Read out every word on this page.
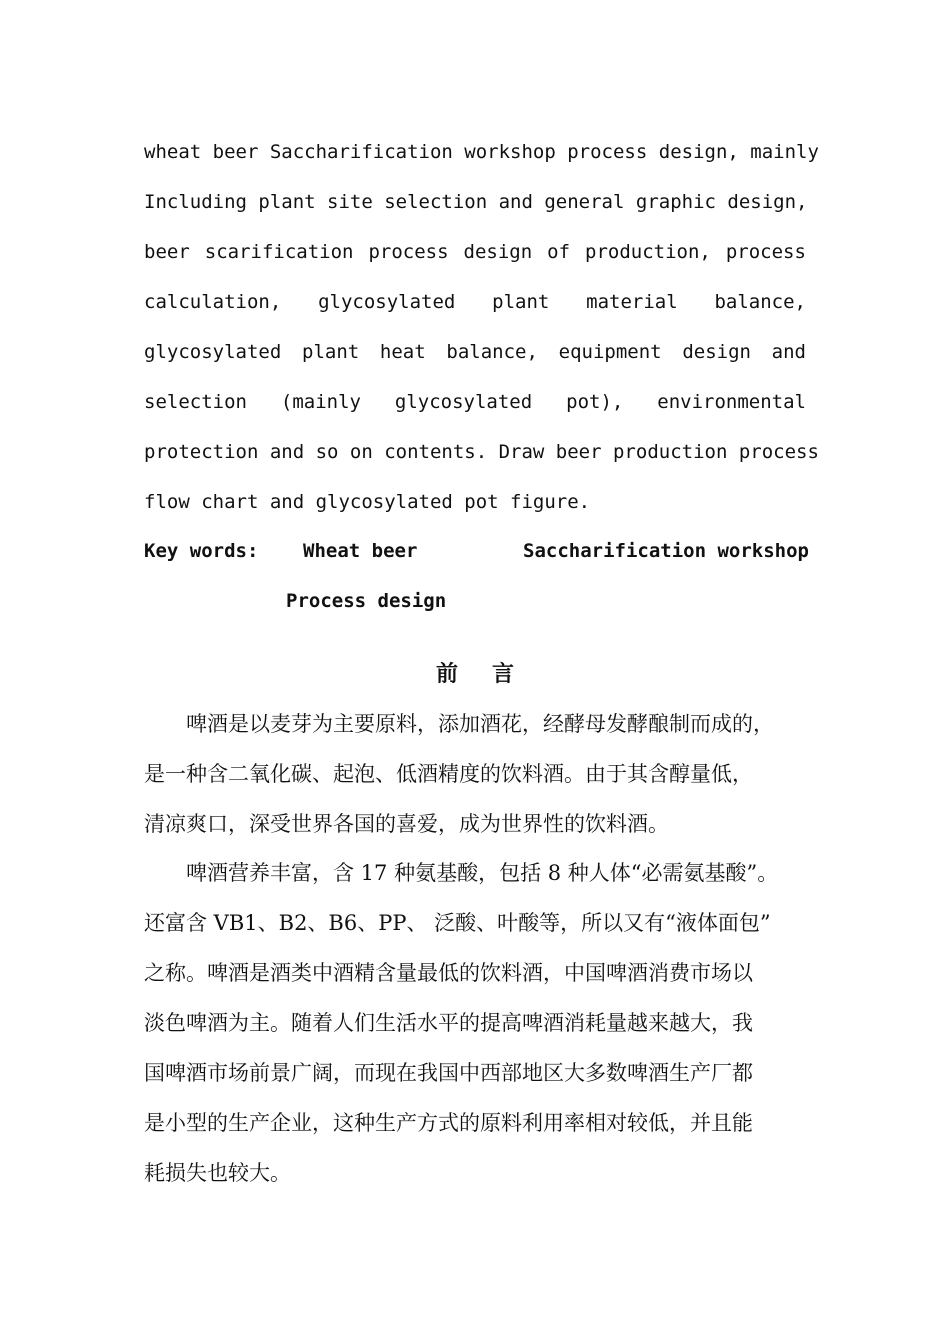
wheat beer Saccharification workshop process design, mainly
Including plant site selection and general graphic design,
beer scarification process design of production, process
calculation, glycosylated plant material balance,
glycosylated plant heat balance, equipment design and
selection (mainly glycosylated pot), environmental
protection and so on contents. Draw beer production process
flow chart and glycosylated pot figure.
Key words: Wheat beer	Saccharification workshop
Process design
前 言
　　啤酒是以麦芽为主要原料，添加酒花，经酵母发酵酿制而成的，
是一种含二氧化碳、起泡、低酒精度的饮料酒。由于其含醇量低，
清凉爽口，深受世界各国的喜爱，成为世界性的饮料酒。
　　啤酒营养丰富，含 17 种氨基酸，包括 8 种人体“必需氨基酸”。
还富含 VB1、B2、B6、PP、 泛酸、叶酸等，所以又有“液体面包”
之称。啤酒是酒类中酒精含量最低的饮料酒，中国啤酒消费市场以
淡色啤酒为主。随着人们生活水平的提高啤酒消耗量越来越大，我
国啤酒市场前景广阔，而现在我国中西部地区大多数啤酒生产厂都
是小型的生产企业，这种生产方式的原料利用率相对较低，并且能
耗损失也较大。
